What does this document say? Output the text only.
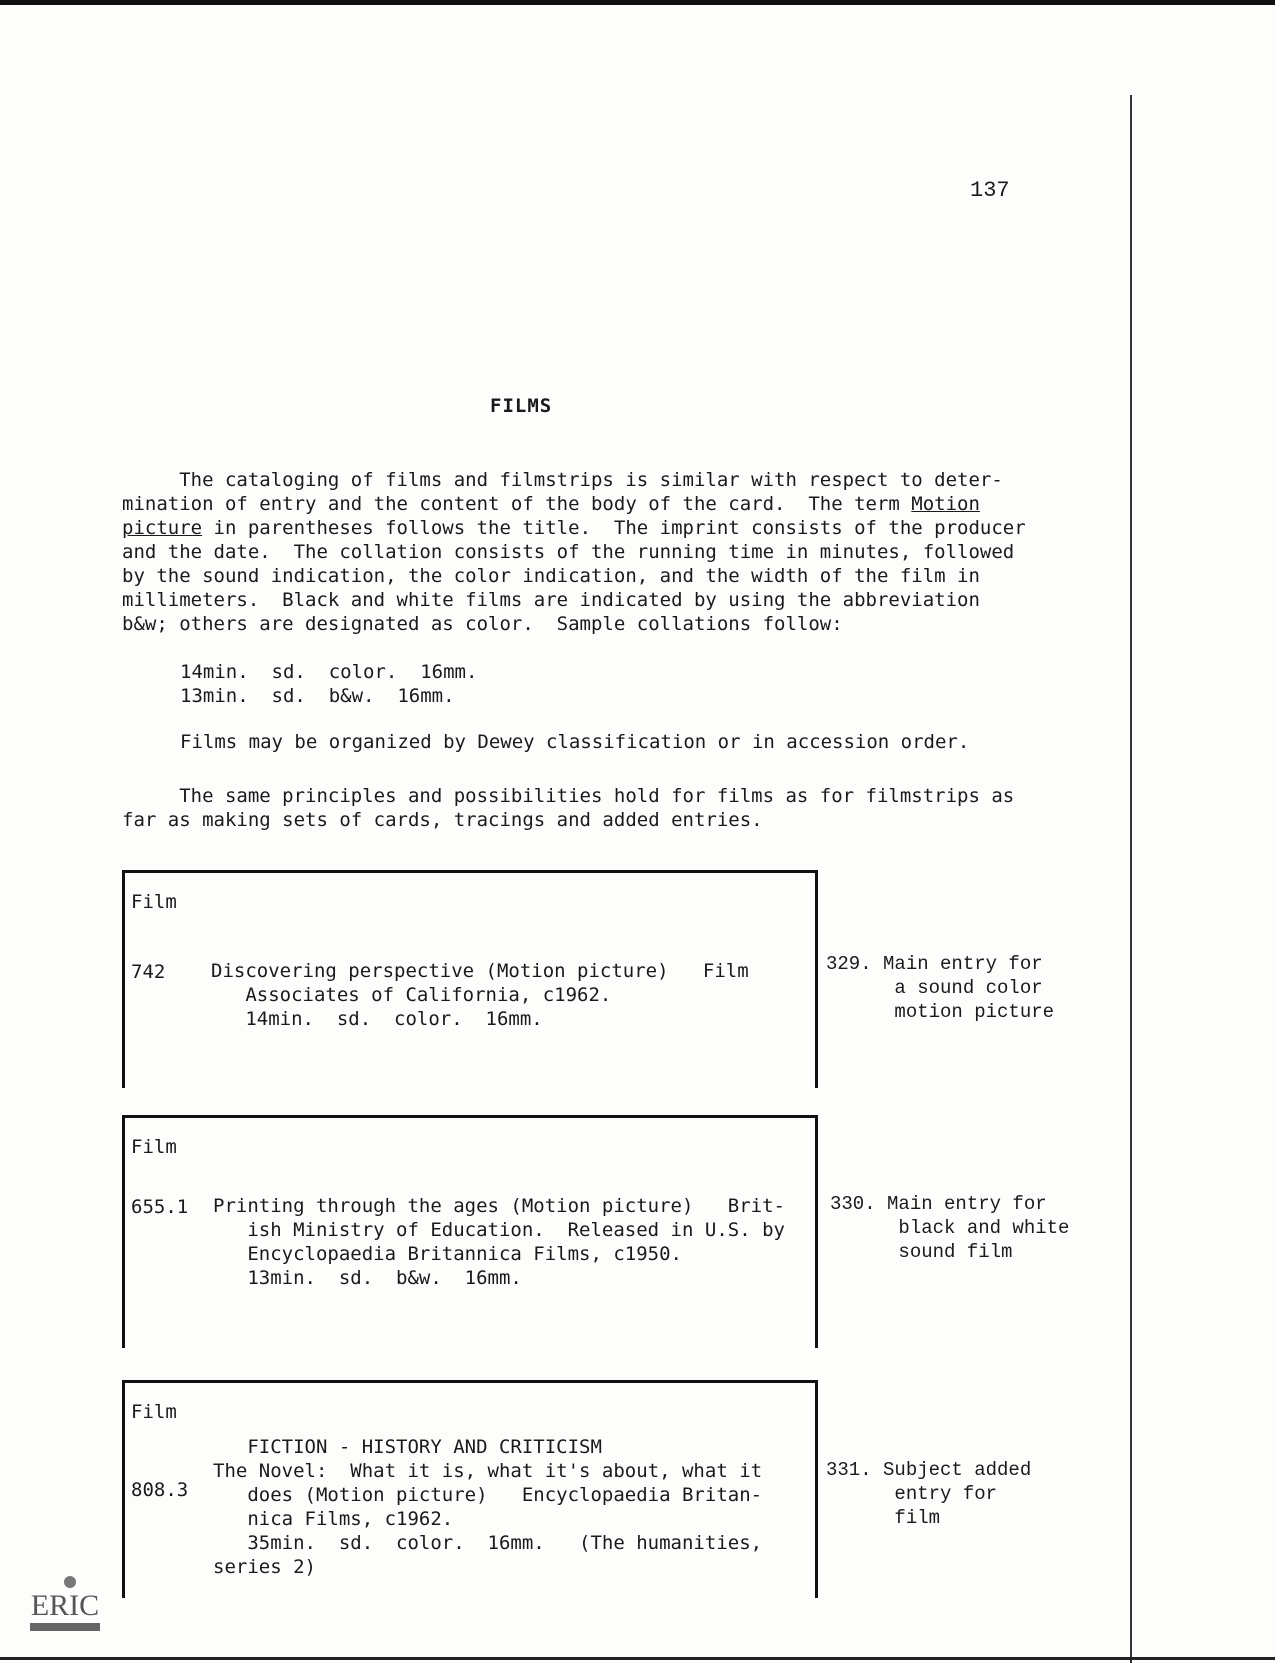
137
FILMS
The cataloging of films and filmstrips is similar with respect to deter-
mination of entry and the content of the body of the card.  The term Motion
picture in parentheses follows the title.  The imprint consists of the producer
and the date.  The collation consists of the running time in minutes, followed
by the sound indication, the color indication, and the width of the film in
millimeters.  Black and white films are indicated by using the abbreviation
b&w; others are designated as color.  Sample collations follow:
14min.  sd.  color.  16mm.
13min.  sd.  b&w.  16mm.
Films may be organized by Dewey classification or in accession order.
The same principles and possibilities hold for films as for filmstrips as
far as making sets of cards, tracings and added entries.
Film
742 Discovering perspective (Motion picture)   Film
Associates of California, c1962.
14min.  sd.  color.  16mm.
329. Main entry for
a sound color
motion picture
Film
655.1 Printing through the ages (Motion picture)   Brit-
ish Ministry of Education.  Released in U.S. by
Encyclopaedia Britannica Films, c1950.
13min.  sd.  b&w.  16mm.
330. Main entry for
black and white
sound film
Film
808.3
FICTION - HISTORY AND CRITICISM
The Novel:  What it is, what it's about, what it
does (Motion picture)   Encyclopaedia Britan-
nica Films, c1962.
35min.  sd.  color.  16mm.   (The humanities,
series 2)
331. Subject added
entry for
film
ERIC
